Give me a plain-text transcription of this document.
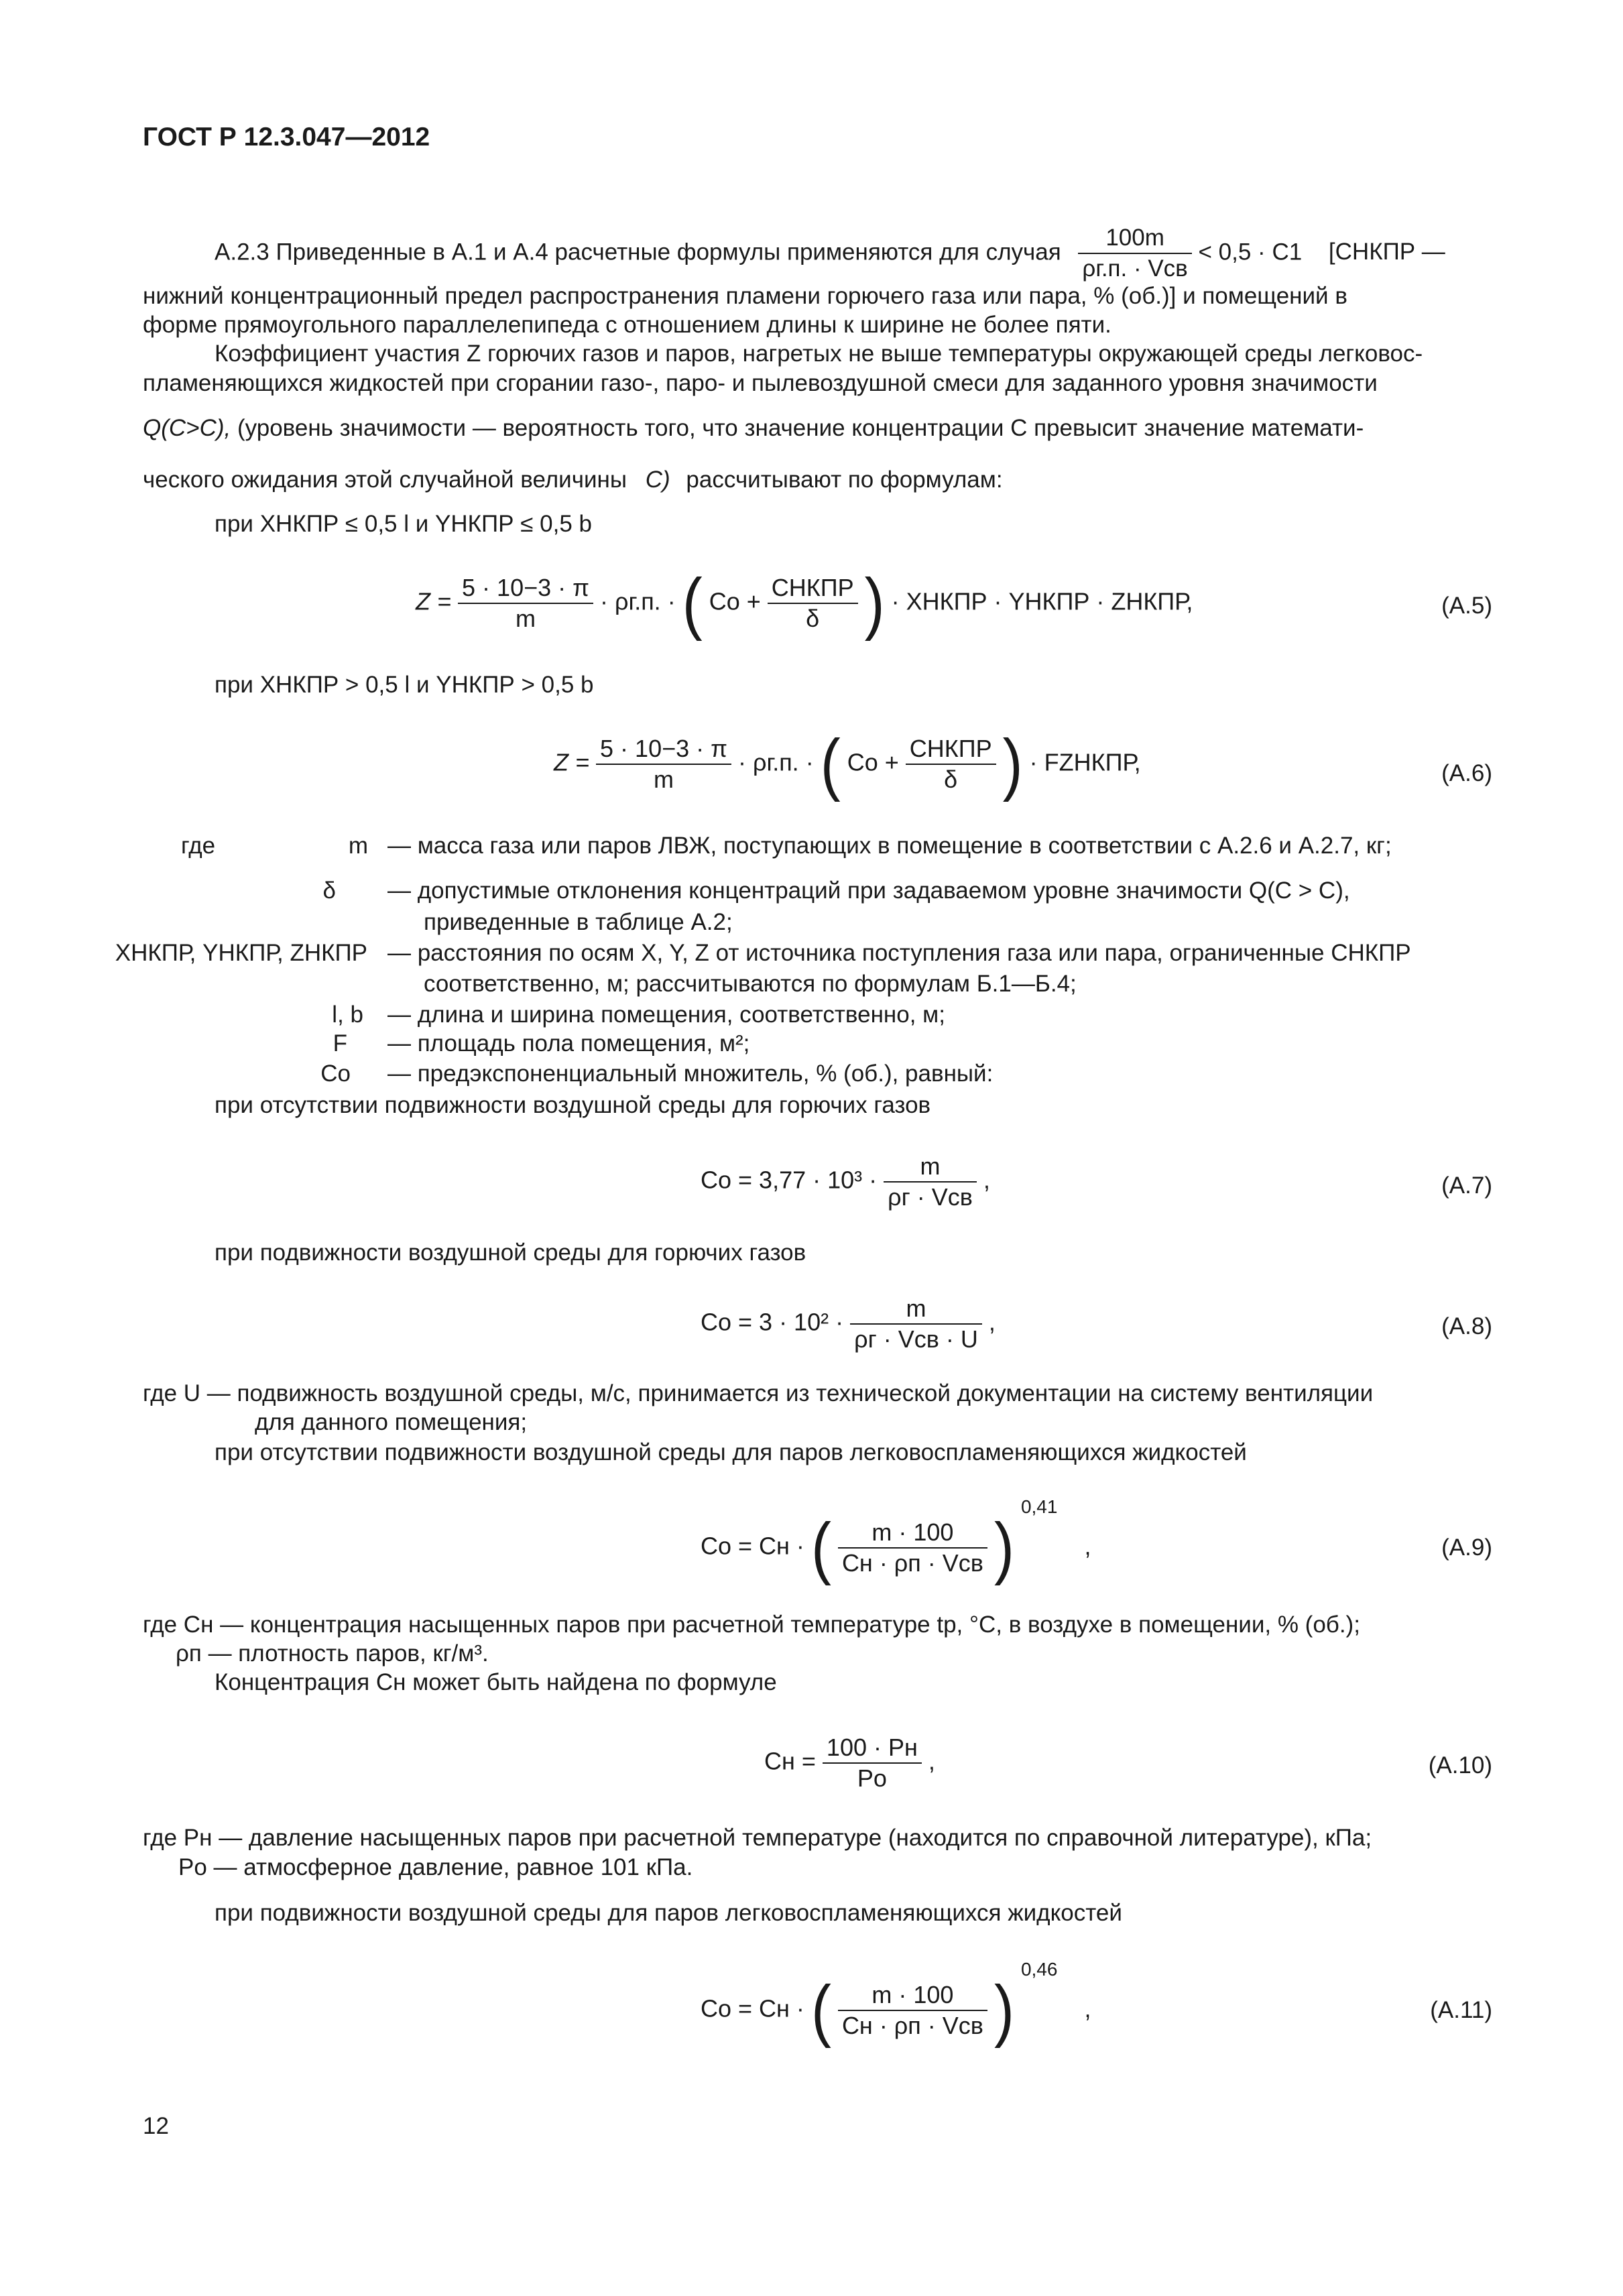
ГОСТ Р 12.3.047—2012
А.2.3 Приведенные в А.1 и А.4 расчетные формулы применяются для случая $\frac{100m}{\text{ρг.п. · Vсв}} < 0,5 \cdot C1$ [CНКПР —
нижний концентрационный предел распространения пламени горючего газа или пара, % (об.)] и помещений в
форме прямоугольного параллелепипеда с отношением длины к ширине не более пяти.
Коэффициент участия Z горючих газов и паров, нагретых не выше температуры окружающей среды легковос-
пламеняющихся жидкостей при сгорании газо-, паро- и пылевоздушной смеси для заданного уровня значимости
Q(C>C), (уровень значимости — вероятность того, что значение концентрации C превысит значение математи-
ческого ожидания этой случайной величины C) рассчитывают по формулам:
при XНКПР ≤ 0,5 l и YНКПР ≤ 0,5 b
$Z = \frac{5 \cdot 10-3 \cdot \pi}{m} \cdot \rho г.п$. · ( Cо + $\frac{\text{CНКПР}}{\delta}$ ) · XНКПР · YНКПР · ZНКПР,	(А.5)
при XНКПР > 0,5 l и YНКПР > 0,5 b
$Z = \frac{5 \cdot 10-3 \cdot \pi}{m} \cdot \rho г.п$. · ( Cо + $\frac{\text{CНКПР}}{\delta}$ ) · FZНКПР,	(А.6)
где	m — масса газа или паров ЛВЖ, поступающих в помещение в соответствии с А.2.6 и А.2.7, кг;
δ — допустимые отклонения концентраций при задаваемом уровне значимости Q(C > C),
приведенные в таблице А.2;
XНКПР, YНКПР, ZНКПР — расстояния по осям X, Y, Z от источника поступления газа или пара, ограниченные CНКПР
соответственно, м; рассчитываются по формулам Б.1—Б.4;
l, b — длина и ширина помещения, соответственно, м;
F — площадь пола помещения, м²;
Cо — предэкспоненциальный множитель, % (об.), равный:
при отсутствии подвижности воздушной среды для горючих газов
Cо = $3,77 \cdot 10^3 \cdot \frac{m}{\text{ρг · Vсв}}$ ,	(А.7)
при подвижности воздушной среды для горючих газов
Cо = $3 \cdot 10^2 \cdot \frac{m}{\text{ρг · Vсв · U}}$ ,	(А.8)
где U — подвижность воздушной среды, м/с, принимается из технической документации на систему вентиляции
для данного помещения;
при отсутствии подвижности воздушной среды для паров легковоспламеняющихся жидкостей
Cо = Cн · ( $\frac{m \cdot 100}{\text{Cн · ρп · Vсв}}$ ) $^{0,41}$ ,	(А.9)
где Cн — концентрация насыщенных паров при расчетной температуре tр, °C, в воздухе в помещении, % (об.);
ρп — плотность паров, кг/м³.
Концентрация Cн может быть найдена по формуле
Cн = $\frac{100 \cdot Pн}{Pо}$ ,	(А.10)
где Pн — давление насыщенных паров при расчетной температуре (находится по справочной литературе), кПа;
Pо — атмосферное давление, равное 101 кПа.
при подвижности воздушной среды для паров легковоспламеняющихся жидкостей
Cо = Cн · ( $\frac{m \cdot 100}{\text{Cн · ρп · Vсв}}$ ) $^{0,46}$ ,	(А.11)
12
